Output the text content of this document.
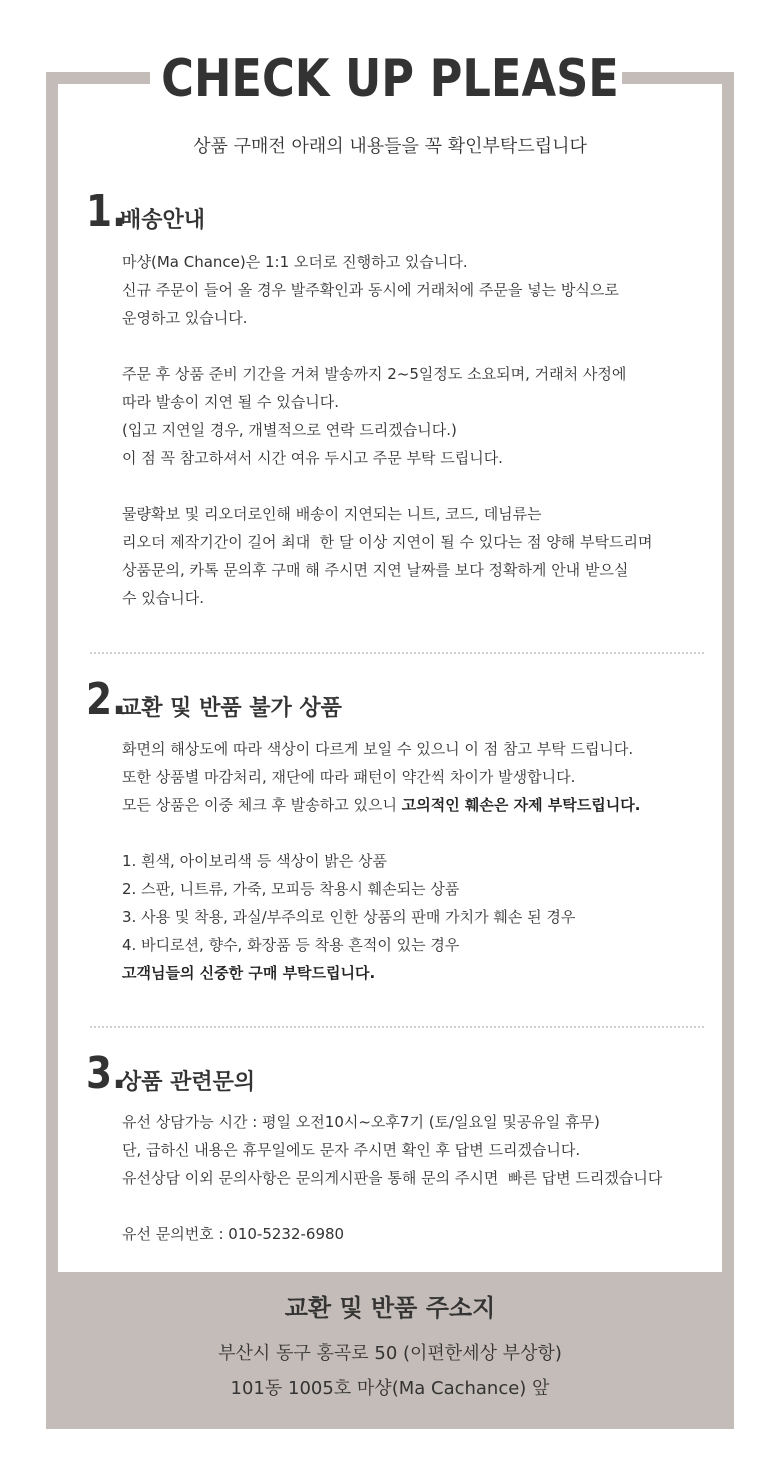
CHECK UP PLEASE
상품 구매전 아래의 내용들을 꼭 확인부탁드립니다
1.
배송안내
마샹(Ma Chance)은 1:1 오더로 진행하고 있습니다.
신규 주문이 들어 올 경우 발주확인과 동시에 거래처에 주문을 넣는 방식으로
운영하고 있습니다.
주문 후 상품 준비 기간을 거쳐 발송까지 2~5일정도 소요되며, 거래처 사정에
따라 발송이 지연 될 수 있습니다.
(입고 지연일 경우, 개별적으로 연락 드리겠습니다.)
이 점 꼭 참고하셔서 시간 여유 두시고 주문 부탁 드립니다.
물량확보 및 리오더로인해 배송이 지연되는 니트, 코드, 데님류는
리오더 제작기간이 길어 최대  한 달 이상 지연이 될 수 있다는 점 양해 부탁드리며
상품문의, 카톡 문의후 구매 해 주시면 지연 날짜를 보다 정확하게 안내 받으실
수 있습니다.
2.
교환 및 반품 불가 상품
화면의 해상도에 따라 색상이 다르게 보일 수 있으니 이 점 참고 부탁 드립니다.
또한 상품별 마감처리, 재단에 따라 패턴이 약간씩 차이가 발생합니다.
모든 상품은 이중 체크 후 발송하고 있으니 고의적인 훼손은 자제 부탁드립니다.
1. 흰색, 아이보리색 등 색상이 밝은 상품
2. 스판, 니트류, 가죽, 모피등 착용시 훼손되는 상품
3. 사용 및 착용, 과실/부주의로 인한 상품의 판매 가치가 훼손 된 경우
4. 바디로션, 향수, 화장품 등 착용 흔적이 있는 경우
고객님들의 신중한 구매 부탁드립니다.
3.
상품 관련문의
유선 상담가능 시간 : 평일 오전10시~오후7기 (토/일요일 및공유일 휴무)
단, 급하신 내용은 휴무일에도 문자 주시면 확인 후 답변 드리겠습니다.
유선상담 이외 문의사항은 문의게시판을 통해 문의 주시면  빠른 답변 드리겠습니다
유선 문의번호 : 010-5232-6980
교환 및 반품 주소지
부산시 동구 홍곡로 50 (이편한세상 부상항)
101동 1005호 마샹(Ma Cachance) 앞
